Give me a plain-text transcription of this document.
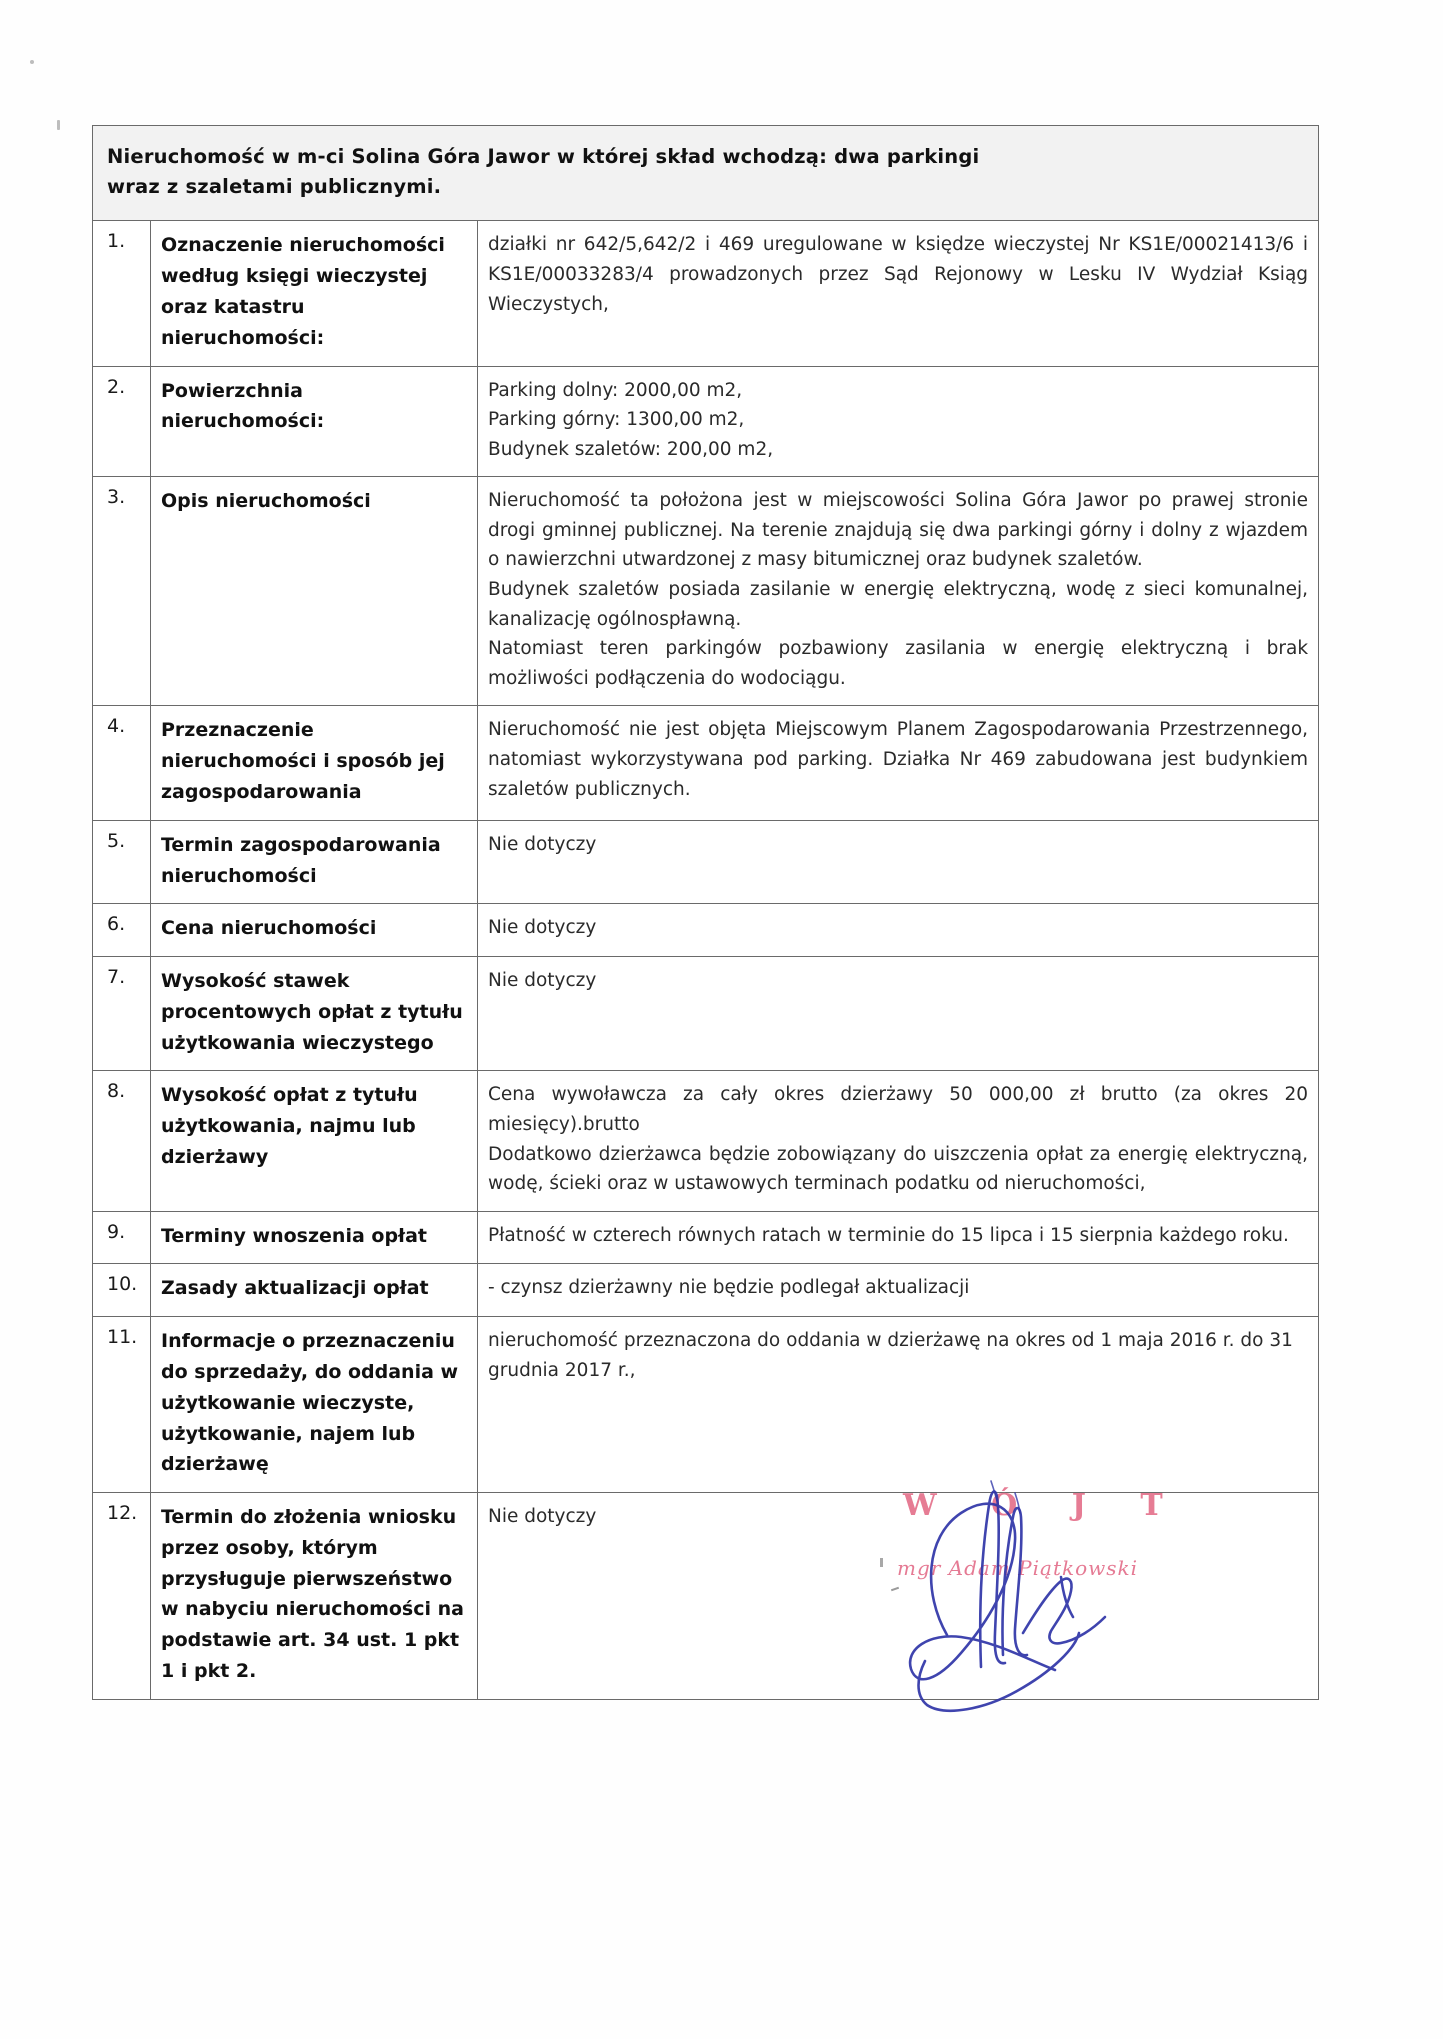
Nieruchomość w m-ci Solina Góra Jawor w której skład wchodzą: dwa parkingi
wraz z szaletami publicznymi.		

1.	Oznaczenie nieruchomości według księgi wieczystej oraz katastru nieruchomości:	działki nr 642/5,642/2 i 469 uregulowane w księdze wieczystej Nr KS1E/00021413/6 i KS1E/00033283/4 prowadzonych przez Sąd Rejonowy w Lesku IV Wydział Ksiąg Wieczystych,

2.	Powierzchnia nieruchomości:	Parking dolny: 2000,00 m2,

Parking górny: 1300,00 m2,

Budynek szaletów: 200,00 m2,

3.	Opis nieruchomości	Nieruchomość ta położona jest w miejscowości Solina Góra Jawor po prawej stronie drogi gminnej publicznej. Na terenie znajdują się dwa parkingi górny i dolny z wjazdem o nawierzchni utwardzonej z masy bitumicznej oraz budynek szaletów.

Budynek szaletów posiada zasilanie w energię elektryczną, wodę z sieci komunalnej, kanalizację ogólnospławną.

Natomiast teren parkingów pozbawiony zasilania w energię elektryczną i brak możliwości podłączenia do wodociągu.

4.	Przeznaczenie nieruchomości i sposób jej zagospodarowania	Nieruchomość nie jest objęta Miejscowym Planem Zagospodarowania Przestrzennego, natomiast wykorzystywana pod parking. Działka Nr 469 zabudowana jest budynkiem szaletów publicznych.

5.	Termin zagospodarowania nieruchomości	Nie dotyczy

6.	Cena nieruchomości	Nie dotyczy

7.	Wysokość stawek procentowych opłat z tytułu użytkowania wieczystego	Nie dotyczy

8.	Wysokość opłat z tytułu użytkowania, najmu lub dzierżawy	Cena wywoławcza za cały okres dzierżawy 50 000,00 zł brutto (za okres 20 miesięcy).brutto

Dodatkowo dzierżawca będzie zobowiązany do uiszczenia opłat za energię elektryczną, wodę, ścieki oraz w ustawowych terminach podatku od nieruchomości,

9.	Terminy wnoszenia opłat	Płatność w czterech równych ratach w terminie do 15 lipca i 15 sierpnia każdego roku.

10.	Zasady aktualizacji opłat	- czynsz dzierżawny nie będzie podlegał aktualizacji

11.	Informacje o przeznaczeniu do sprzedaży, do oddania w użytkowanie wieczyste, użytkowanie, najem lub dzierżawę	nieruchomość przeznaczona do oddania w dzierżawę na okres od 1 maja 2016 r. do 31 grudnia 2017 r.,

12.	Termin do złożenia wniosku przez osoby, którym przysługuje pierwszeństwo w nabyciu nieruchomości na podstawie art. 34 ust. 1 pkt 1 i pkt 2.	Nie dotyczy	W Ó J T
mgr Adam Piątkowski
